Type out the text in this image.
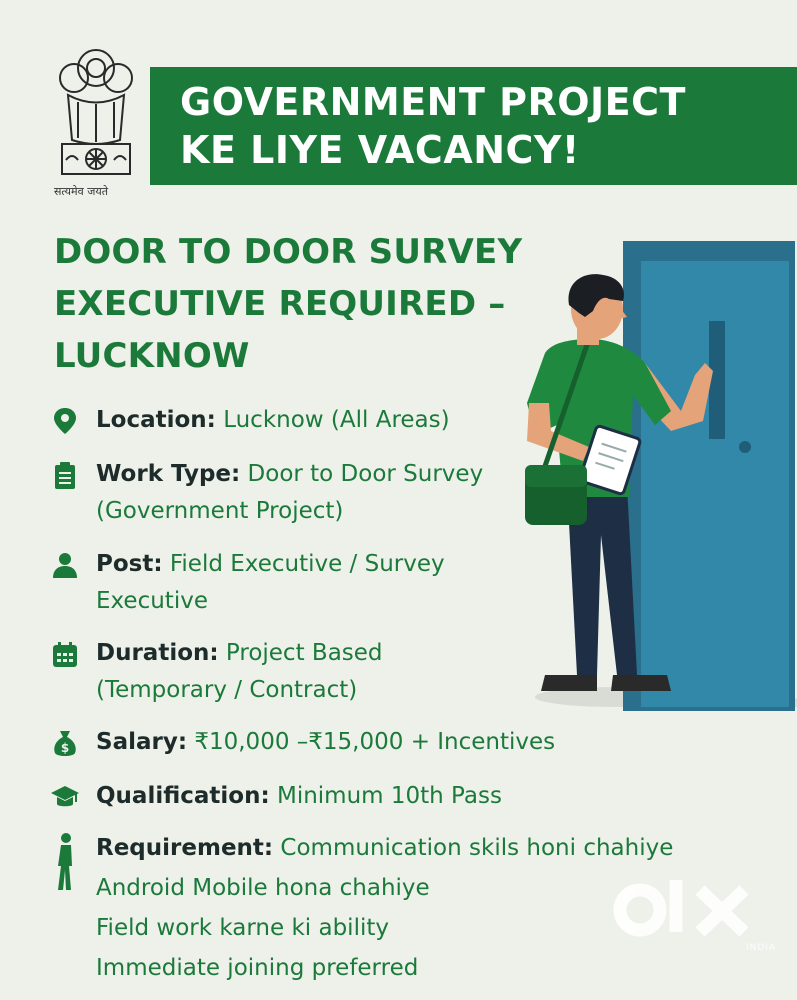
सत्यमेव जयते
GOVERNMENT PROJECT
KE LIYE VACANCY!
DOOR TO DOOR SURVEY
EXECUTIVE REQUIRED –
LUCKNOW
Location: Lucknow (All Areas)
Work Type: Door to Door Survey
(Government Project)
Post: Field Executive / Survey
Executive
Duration: Project Based
(Temporary / Contract)
$ Salary: ₹10,000 –₹15,000 + Incentives
Qualification: Minimum 10th Pass
Requirement: Communication skils honi chahiye
Android Mobile hona chahiye
Field work karne ki ability
Immediate joining preferred
INDIA
